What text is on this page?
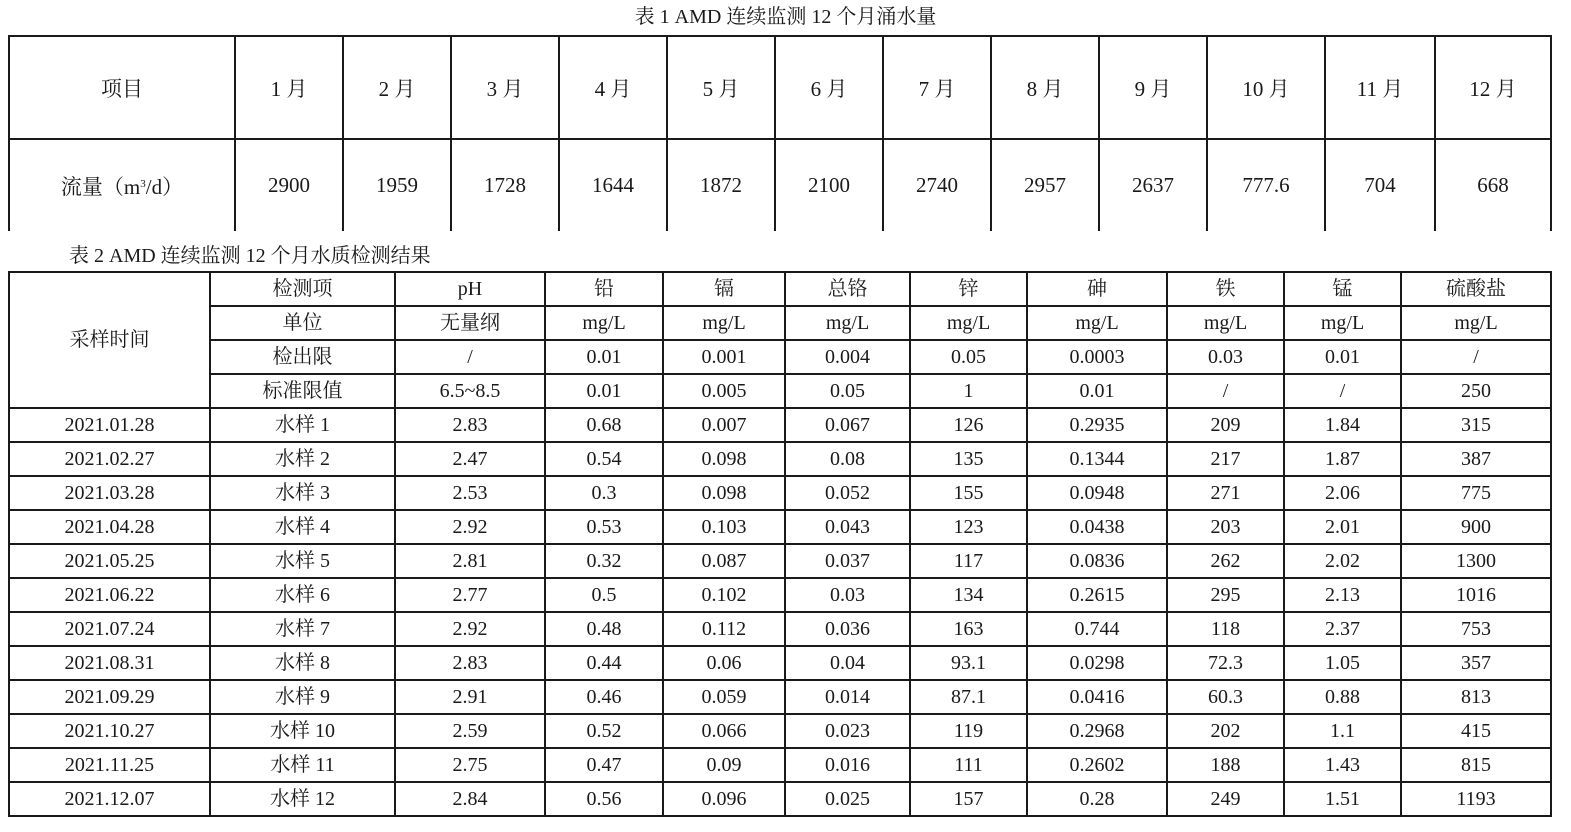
表 1 AMD 连续监测 12 个月涌水量
项目	1 月	2 月	3 月	4 月	5 月	6 月	7 月	8 月	9 月	10 月	11 月	12 月
流量$(m^3/d)$	2900	1959	1728	1644	1872	2100	2740	2957	2637	777.6	704	668
表 2 AMD 连续监测 12 个月水质检测结果
采样时间	检测项	pH	铅	镉	总铬	锌	砷	铁	锰	硫酸盐
	单位	无量纲	mg/L	mg/L	mg/L	mg/L	mg/L	mg/L	mg/L	mg/L
	检出限	/	0.01	0.001	0.004	0.05	0.0003	0.03	0.01	/
	标准限值	6.5~8.5	0.01	0.005	0.05	1	0.01	/	/	250
2021.01.28	水样 1	2.83	0.68	0.007	0.067	126	0.2935	209	1.84	315
2021.02.27	水样 2	2.47	0.54	0.098	0.08	135	0.1344	217	1.87	387
2021.03.28	水样 3	2.53	0.3	0.098	0.052	155	0.0948	271	2.06	775
2021.04.28	水样 4	2.92	0.53	0.103	0.043	123	0.0438	203	2.01	900
2021.05.25	水样 5	2.81	0.32	0.087	0.037	117	0.0836	262	2.02	1300
2021.06.22	水样 6	2.77	0.5	0.102	0.03	134	0.2615	295	2.13	1016
2021.07.24	水样 7	2.92	0.48	0.112	0.036	163	0.744	118	2.37	753
2021.08.31	水样 8	2.83	0.44	0.06	0.04	93.1	0.0298	72.3	1.05	357
2021.09.29	水样 9	2.91	0.46	0.059	0.014	87.1	0.0416	60.3	0.88	813
2021.10.27	水样 10	2.59	0.52	0.066	0.023	119	0.2968	202	1.1	415
2021.11.25	水样 11	2.75	0.47	0.09	0.016	111	0.2602	188	1.43	815
2021.12.07	水样 12	2.84	0.56	0.096	0.025	157	0.28	249	1.51	1193
